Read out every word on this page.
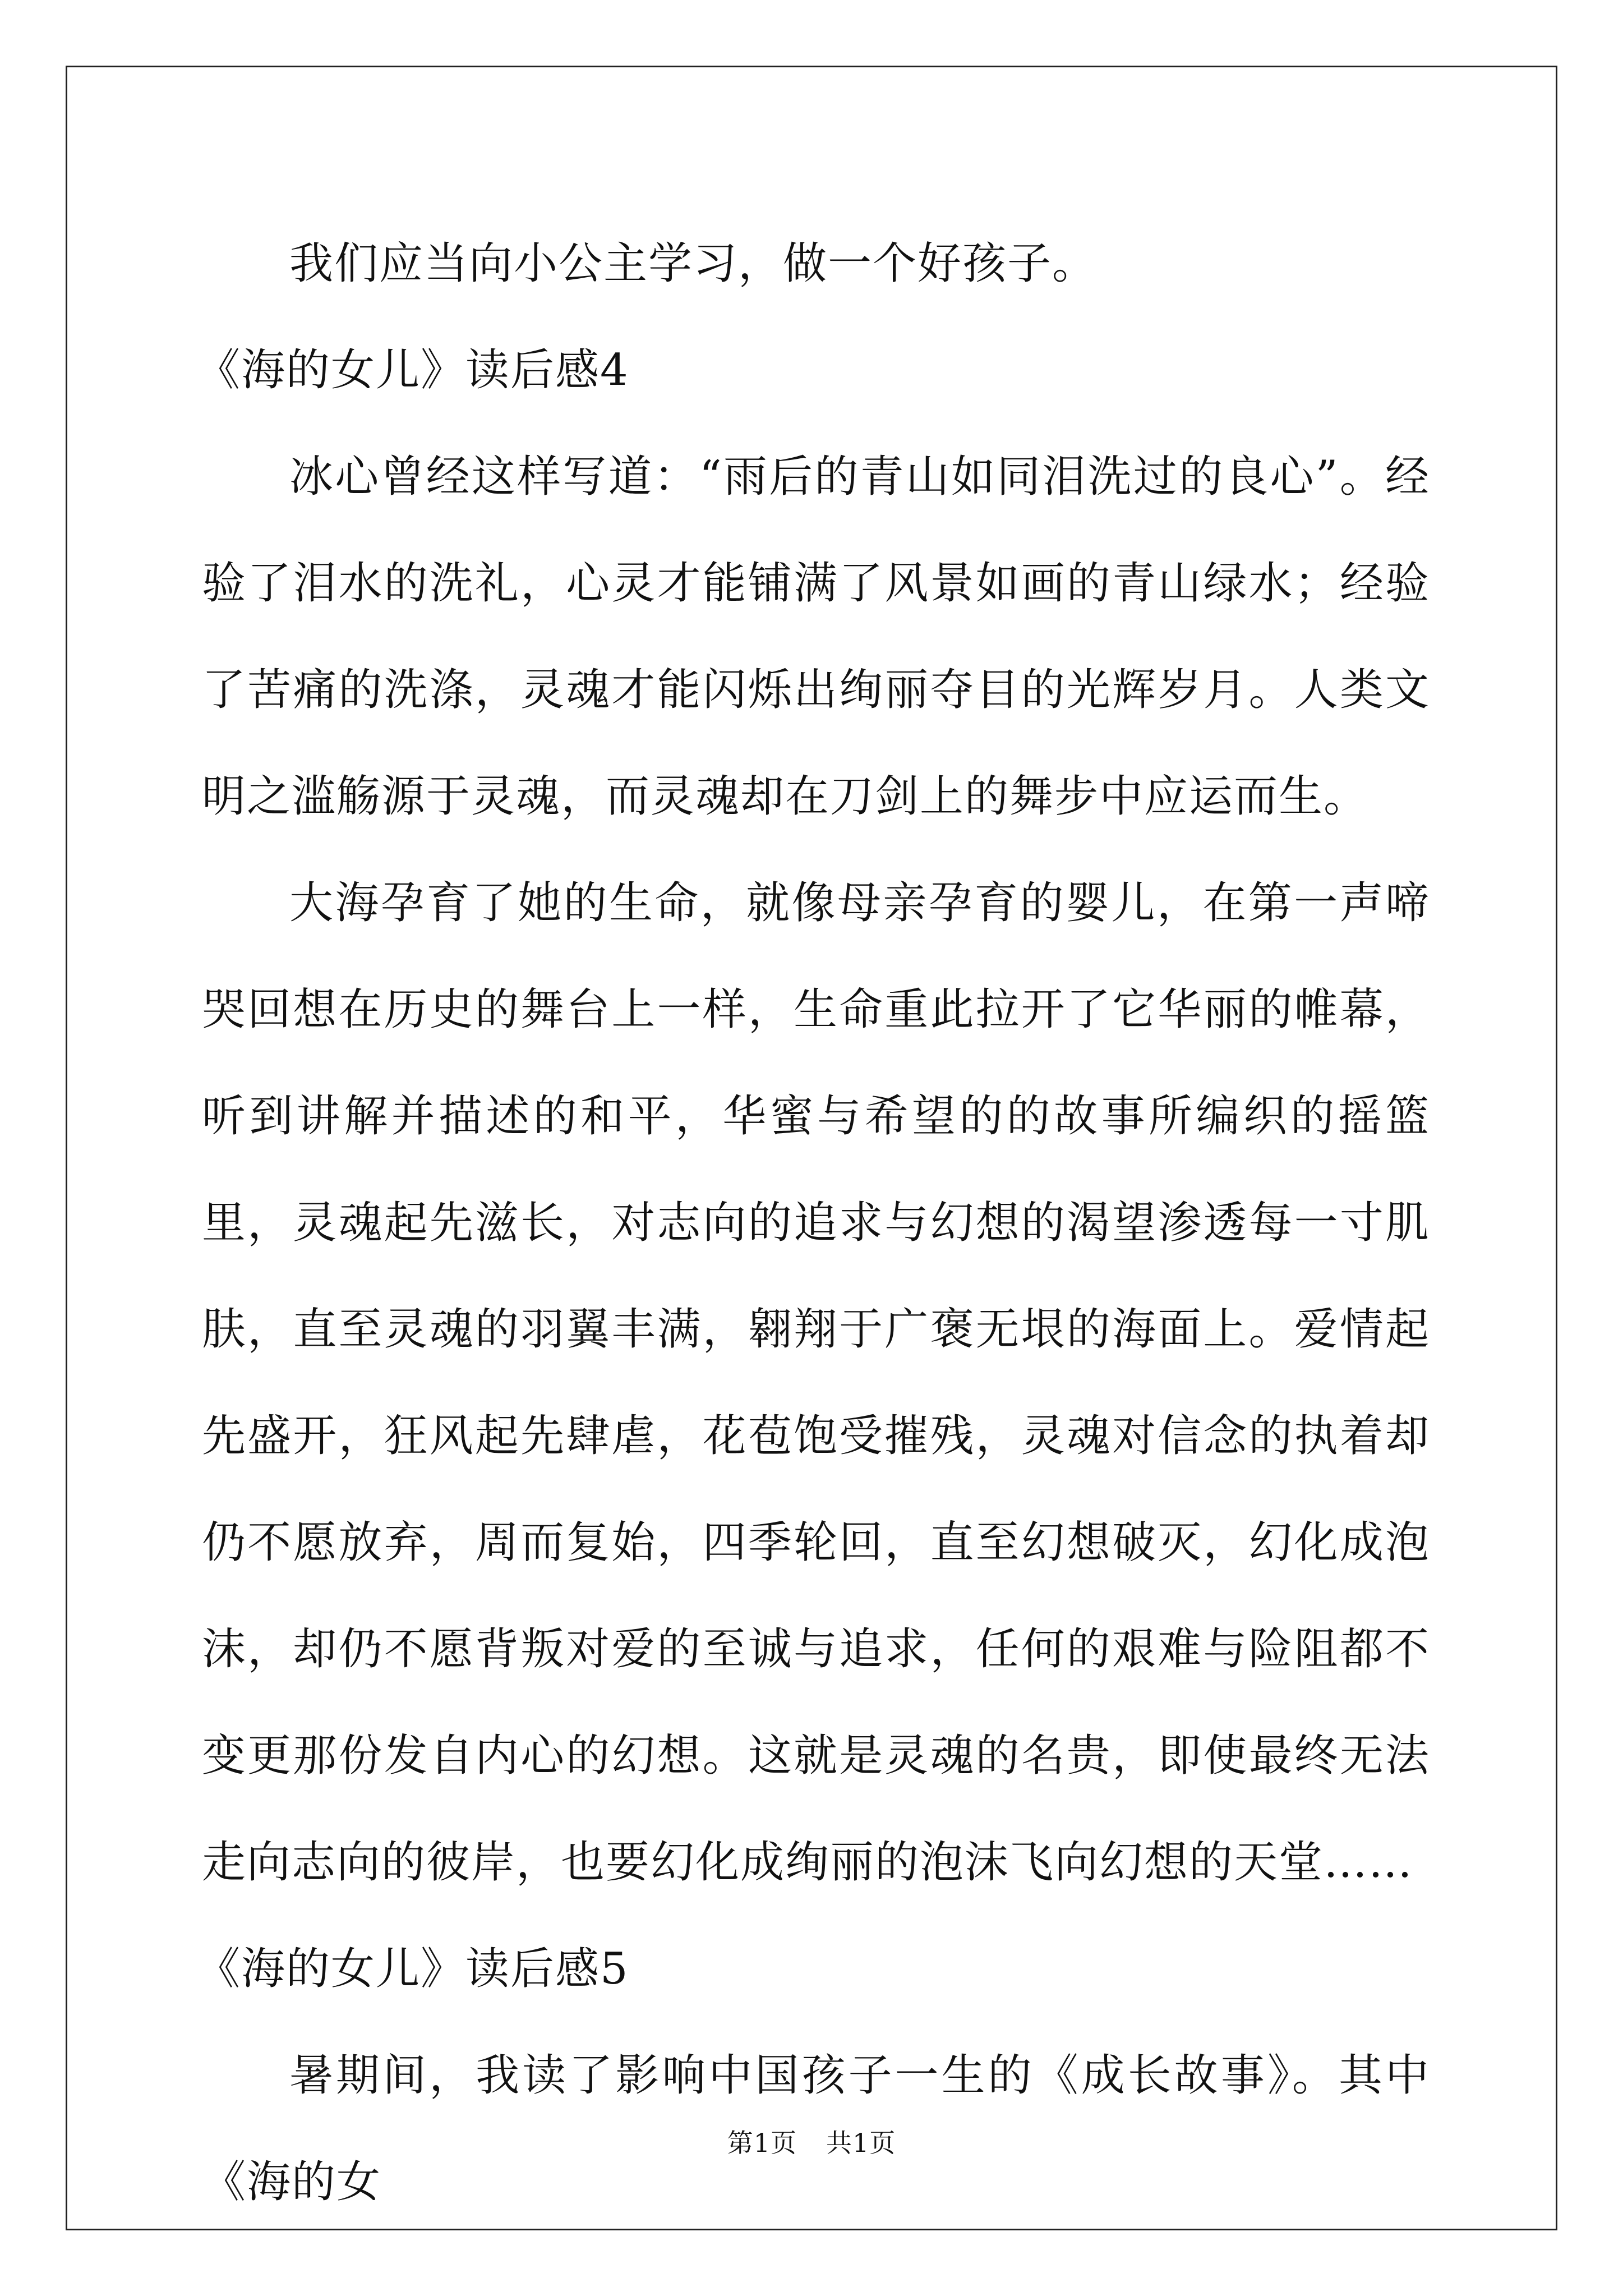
我们应当向小公主学习，做一个好孩子。

《海的女儿》读后感4

冰心曾经这样写道：“雨后的青山如同泪洗过的良心”。经验了泪水的洗礼，心灵才能铺满了风景如画的青山绿水；经验了苦痛的洗涤，灵魂才能闪烁出绚丽夺目的光辉岁月。人类文明之滥觞源于灵魂，而灵魂却在刀剑上的舞步中应运而生。

大海孕育了她的生命，就像母亲孕育的婴儿，在第一声啼哭回想在历史的舞台上一样，生命重此拉开了它华丽的帷幕，听到讲解并描述的和平，华蜜与希望的的故事所编织的摇篮里，灵魂起先滋长，对志向的追求与幻想的渴望渗透每一寸肌肤，直至灵魂的羽翼丰满，翱翔于广褒无垠的海面上。爱情起先盛开，狂风起先肆虐，花苞饱受摧残，灵魂对信念的执着却仍不愿放弃，周而复始，四季轮回，直至幻想破灭，幻化成泡沫，却仍不愿背叛对爱的至诚与追求，任何的艰难与险阻都不变更那份发自内心的幻想。这就是灵魂的名贵，即使最终无法走向志向的彼岸，也要幻化成绚丽的泡沫飞向幻想的天堂……

《海的女儿》读后感5

暑期间，我读了影响中国孩子一生的《成长故事》。其中《海的女

第1页 共1页
